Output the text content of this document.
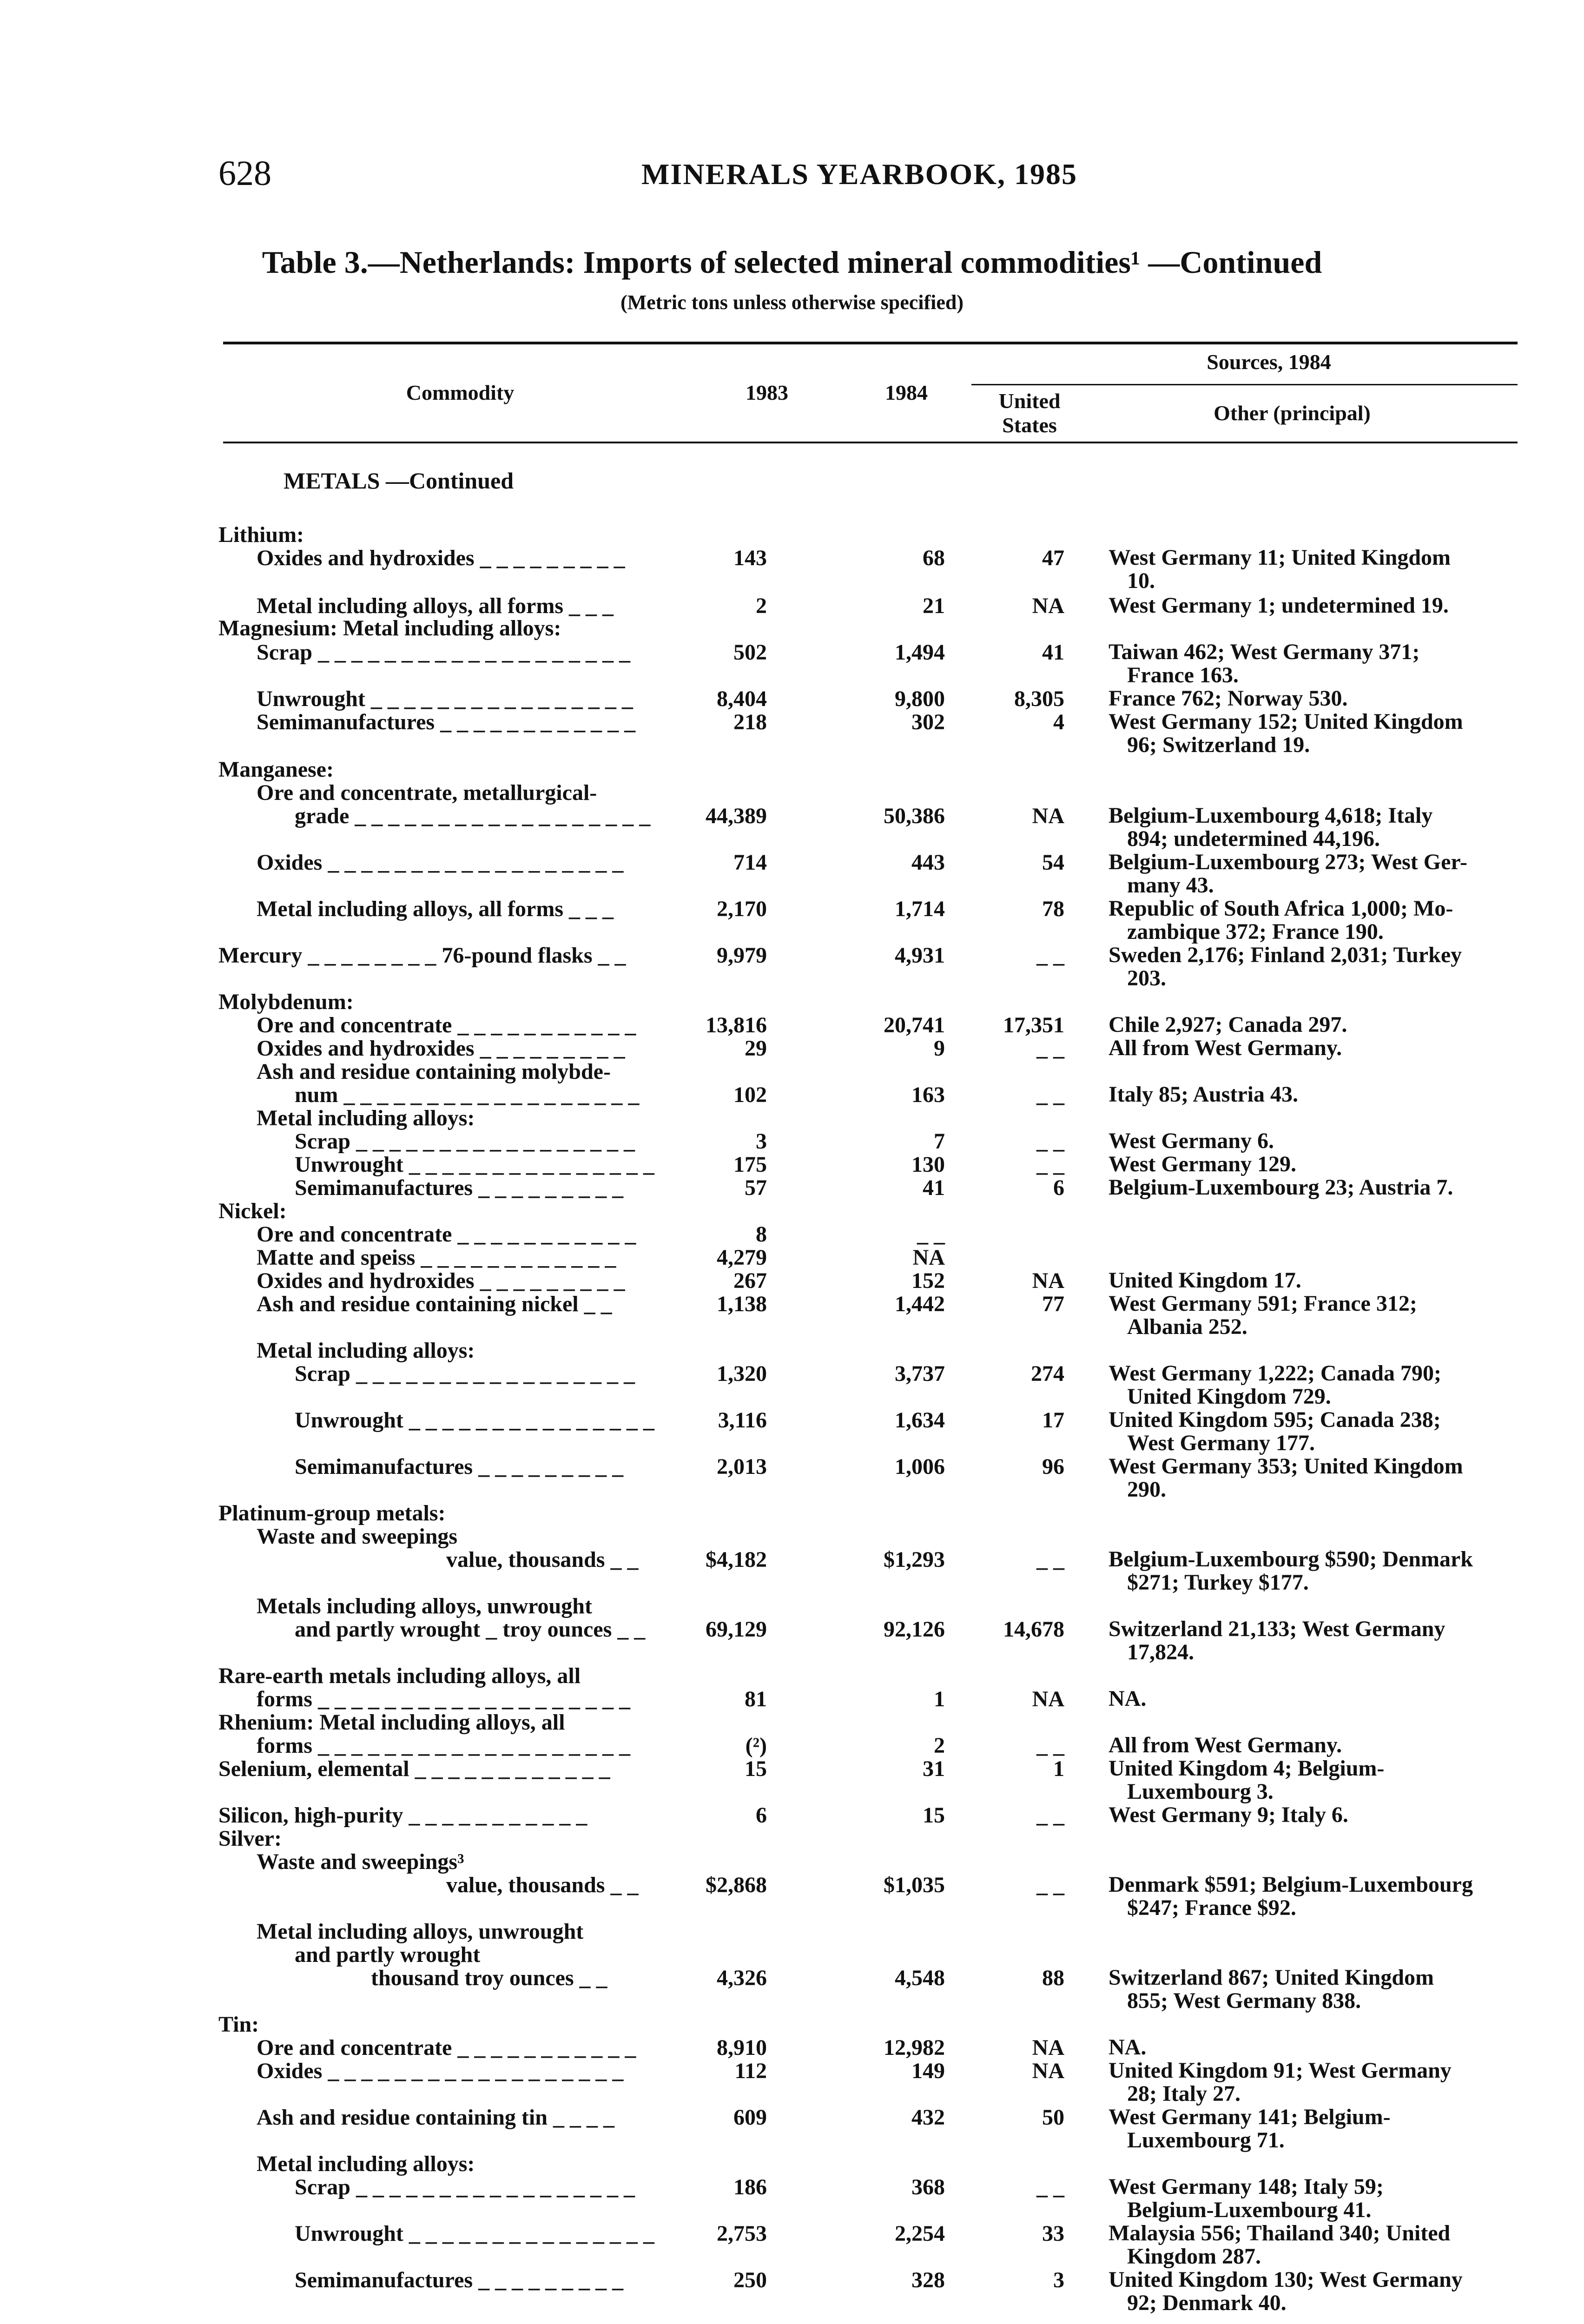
628	MINERALS YEARBOOK, 1985
Table 3.—Netherlands: Imports of selected mineral commodities¹ —Continued
(Metric tons unless otherwise specified)
Commodity	1983	1984
Sources, 1984
United
States
Other (principal)
METALS —Continued
Lithium:
Oxides and hydroxides _ _ _ _ _ _ _ _ _	143	68	47 West Germany 11; United Kingdom
10.
Metal including alloys, all forms _ _ _	2	21	NA West Germany 1; undetermined 19.
Magnesium: Metal including alloys:
Scrap _ _ _ _ _ _ _ _ _ _ _ _ _ _ _ _ _ _ _	502	1,494	41 Taiwan 462; West Germany 371;
France 163.
Unwrought _ _ _ _ _ _ _ _ _ _ _ _ _ _ _ _	8,404	9,800	8,305 France 762; Norway 530.
Semimanufactures _ _ _ _ _ _ _ _ _ _ _ _	218	302	4 West Germany 152; United Kingdom
96; Switzerland 19.
Manganese:
Ore and concentrate, metallurgical-
grade _ _ _ _ _ _ _ _ _ _ _ _ _ _ _ _ _ _ 44,389	50,386	NA Belgium-Luxembourg 4,618; Italy
894; undetermined 44,196.
Oxides _ _ _ _ _ _ _ _ _ _ _ _ _ _ _ _ _ _	714	443	54 Belgium-Luxembourg 273; West Ger-
many 43.
Metal including alloys, all forms _ _ _	2,170	1,714	78 Republic of South Africa 1,000; Mo-
zambique 372; France 190.
Mercury _ _ _ _ _ _ _ _ 76-pound flasks _ _	9,979	4,931	_ _ Sweden 2,176; Finland 2,031; Turkey
203.
Molybdenum:
Ore and concentrate _ _ _ _ _ _ _ _ _ _ _	13,816	20,741	17,351 Chile 2,927; Canada 297.
Oxides and hydroxides _ _ _ _ _ _ _ _ _	29	9	_ _ All from West Germany.
Ash and residue containing molybde-
num _ _ _ _ _ _ _ _ _ _ _ _ _ _ _ _ _ _	102	163	_ _ Italy 85; Austria 43.
Metal including alloys:
Scrap _ _ _ _ _ _ _ _ _ _ _ _ _ _ _ _ _	3	7	_ _ West Germany 6.
Unwrought _ _ _ _ _ _ _ _ _ _ _ _ _ _ _	175	130	_ _ West Germany 129.
Semimanufactures _ _ _ _ _ _ _ _ _	57	41	6 Belgium-Luxembourg 23; Austria 7.
Nickel:
Ore and concentrate _ _ _ _ _ _ _ _ _ _ _	8	_ _
Matte and speiss _ _ _ _ _ _ _ _ _ _ _ _	4,279	NA
Oxides and hydroxides _ _ _ _ _ _ _ _ _	267	152	NA United Kingdom 17.
Ash and residue containing nickel _ _	1,138	1,442	77 West Germany 591; France 312;
Albania 252.
Metal including alloys:
Scrap _ _ _ _ _ _ _ _ _ _ _ _ _ _ _ _ _	1,320	3,737	274 West Germany 1,222; Canada 790;
United Kingdom 729.
Unwrought _ _ _ _ _ _ _ _ _ _ _ _ _ _ _	3,116	1,634	17 United Kingdom 595; Canada 238;
West Germany 177.
Semimanufactures _ _ _ _ _ _ _ _ _	2,013	1,006	96 West Germany 353; United Kingdom
290.
Platinum-group metals:
Waste and sweepings
value, thousands _ _	$4,182	$1,293	_ _ Belgium-Luxembourg $590; Denmark
$271; Turkey $177.
Metals including alloys, unwrought
and partly wrought _ troy ounces _ _	69,129	92,126	14,678 Switzerland 21,133; West Germany
17,824.
Rare-earth metals including alloys, all
forms _ _ _ _ _ _ _ _ _ _ _ _ _ _ _ _ _ _ _	81	1	NA NA.
Rhenium: Metal including alloys, all
forms _ _ _ _ _ _ _ _ _ _ _ _ _ _ _ _ _ _ _	(²)	2	_ _ All from West Germany.
Selenium, elemental _ _ _ _ _ _ _ _ _ _ _ _	15	31	1 United Kingdom 4; Belgium-
Luxembourg 3.
Silicon, high-purity _ _ _ _ _ _ _ _ _ _ _	6	15	_ _ West Germany 9; Italy 6.
Silver:
Waste and sweepings³
value, thousands _ _	$2,868	$1,035	_ _ Denmark $591; Belgium-Luxembourg
$247; France $92.
Metal including alloys, unwrought
and partly wrought
thousand troy ounces _ _	4,326	4,548	88 Switzerland 867; United Kingdom
855; West Germany 838.
Tin:
Ore and concentrate _ _ _ _ _ _ _ _ _ _ _	8,910	12,982	NA NA.
Oxides _ _ _ _ _ _ _ _ _ _ _ _ _ _ _ _ _ _	112	149	NA United Kingdom 91; West Germany
28; Italy 27.
Ash and residue containing tin _ _ _ _	609	432	50 West Germany 141; Belgium-
Luxembourg 71.
Metal including alloys:
Scrap _ _ _ _ _ _ _ _ _ _ _ _ _ _ _ _ _	186	368	_ _ West Germany 148; Italy 59;
Belgium-Luxembourg 41.
Unwrought _ _ _ _ _ _ _ _ _ _ _ _ _ _ _	2,753	2,254	33 Malaysia 556; Thailand 340; United
Kingdom 287.
Semimanufactures _ _ _ _ _ _ _ _ _	250	328	3 United Kingdom 130; West Germany
92; Denmark 40.
